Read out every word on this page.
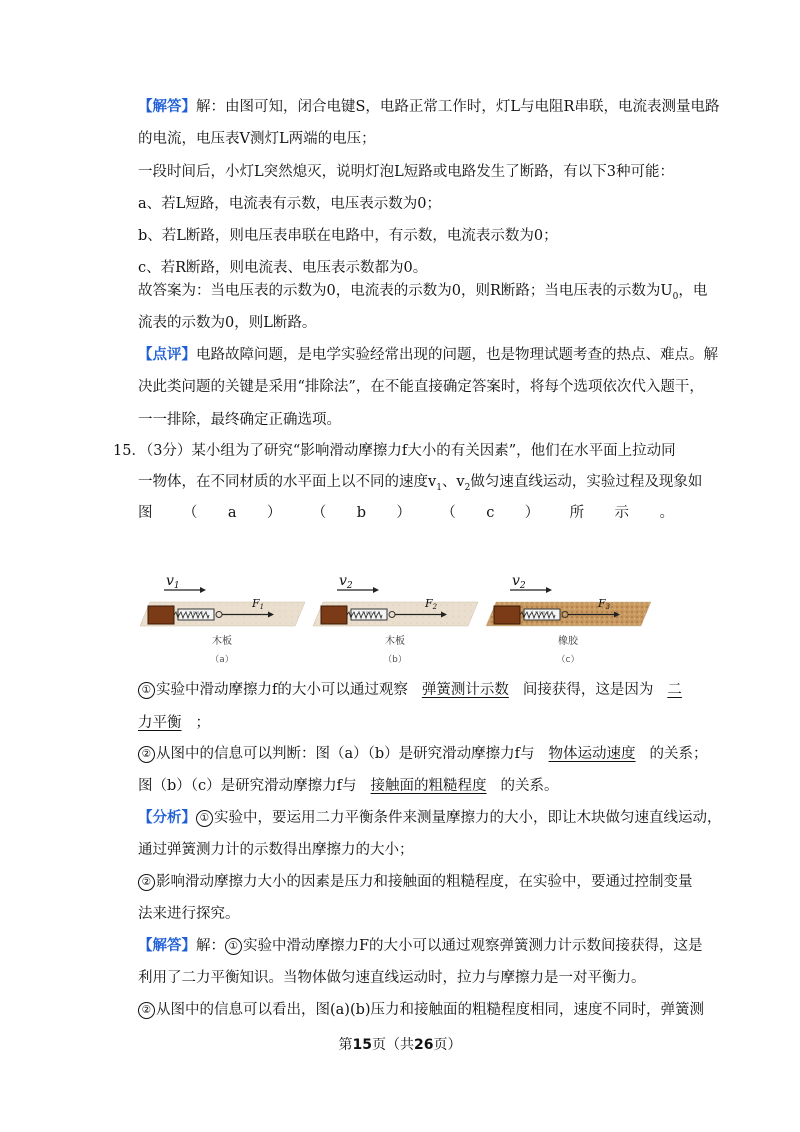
【解答】解：由图可知，闭合电键S，电路正常工作时，灯L与电阻R串联，电流表测量电路
的电流，电压表V测灯L两端的电压；
一段时间后，小灯L突然熄灭，说明灯泡L短路或电路发生了断路，有以下3种可能：
a、若L短路，电流表有示数，电压表示数为0；
b、若L断路，则电压表串联在电路中，有示数，电流表示数为0；
c、若R断路，则电流表、电压表示数都为0。
故答案为：当电压表的示数为0，电流表的示数为0，则R断路；当电压表的示数为$U_0$，电
流表的示数为0，则L断路。
【点评】电路故障问题，是电学实验经常出现的问题，也是物理试题考查的热点、难点。解
决此类问题的关键是采用“排除法”，在不能直接确定答案时，将每个选项依次代入题干，
一一排除，最终确定正确选项。
15．（3分）某小组为了研究“影响滑动摩擦力f大小的有关因素”，他们在水平面上拉动同
一物体，在不同材质的水平面上以不同的速度$v_1$、$v_2$做匀速直线运动，实验过程及现象如
图 （ a ） （ b ） （ c ） 所 示 。
$v_1$
F1
木板
（a）
$v_2$
F2
木板
（b）
$v_2$
F3
橡胶
（c）
① 实验中滑动摩擦力f的大小可以通过观察 弹簧测计示数 间接获得，这是因为 二
力平衡 ；
② 从图中的信息可以判断：图（a）（b）是研究滑动摩擦力f与 物体运动速度 的关系；
图（b）（c）是研究滑动摩擦力f与 接触面的粗糙程度 的关系。
【分析】 ① 实验中，要运用二力平衡条件来测量摩擦力的大小，即让木块做匀速直线运动，
通过弹簧测力计的示数得出摩擦力的大小；
② 影响滑动摩擦力大小的因素是压力和接触面的粗糙程度，在实验中，要通过控制变量
法来进行探究。
【解答】解： ① 实验中滑动摩擦力F的大小可以通过观察弹簧测力计示数间接获得，这是
利用了二力平衡知识。当物体做匀速直线运动时，拉力与摩擦力是一对平衡力。
② 从图中的信息可以看出，图(a)(b)压力和接触面的粗糙程度相同，速度不同时，弹簧测
第15页（共26页）
